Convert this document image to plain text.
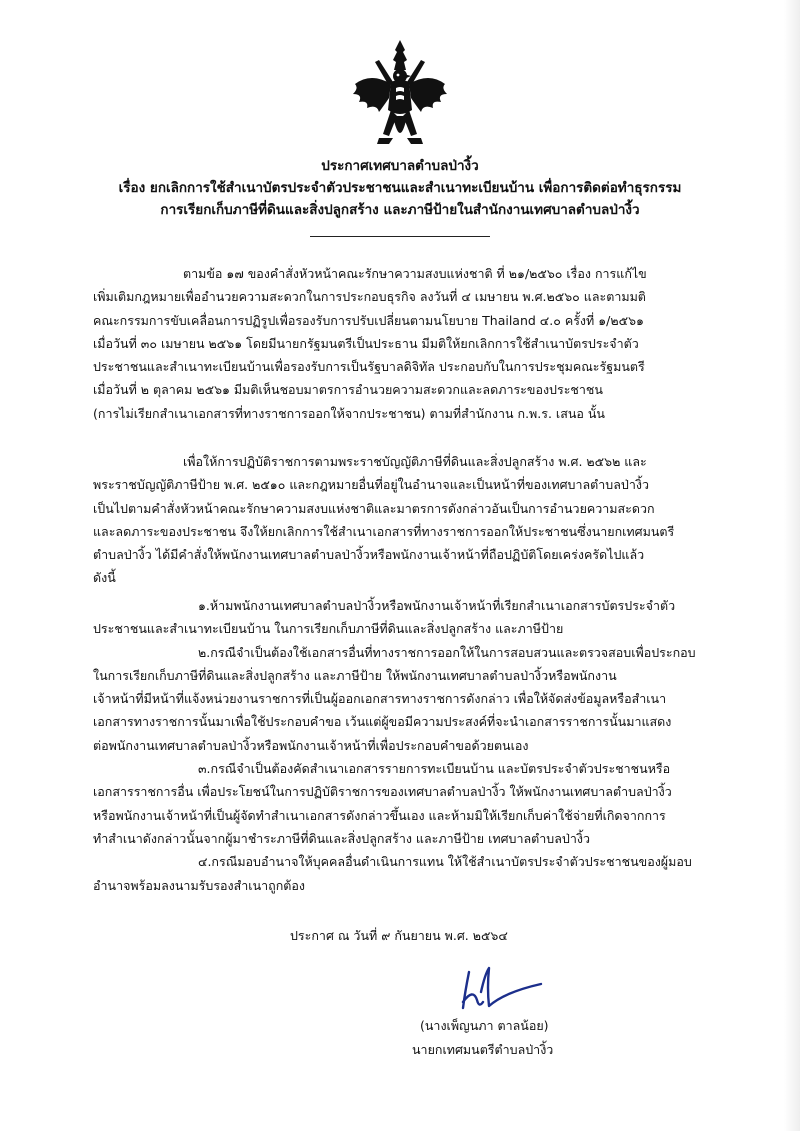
ประกาศเทศบาลตำบลป่างิ้ว
เรื่อง ยกเลิกการใช้สำเนาบัตรประจำตัวประชาชนและสำเนาทะเบียนบ้าน เพื่อการติดต่อทำธุรกรรม
การเรียกเก็บภาษีที่ดินและสิ่งปลูกสร้าง และภาษีป้ายในสำนักงานเทศบาลตำบลป่างิ้ว
ตามข้อ ๑๗ ของคำสั่งหัวหน้าคณะรักษาความสงบแห่งชาติ ที่ ๒๑/๒๕๖๐ เรื่อง การแก้ไข
เพิ่มเติมกฎหมายเพื่ออำนวยความสะดวกในการประกอบธุรกิจ ลงวันที่ ๔ เมษายน พ.ศ.๒๕๖๐ และตามมติ
คณะกรรมการขับเคลื่อนการปฏิรูปเพื่อรองรับการปรับเปลี่ยนตามนโยบาย Thailand ๔.๐ ครั้งที่ ๑/๒๕๖๑
เมื่อวันที่ ๓๐ เมษายน ๒๕๖๑ โดยมีนายกรัฐมนตรีเป็นประธาน มีมติให้ยกเลิกการใช้สำเนาบัตรประจำตัว
ประชาชนและสำเนาทะเบียนบ้านเพื่อรองรับการเป็นรัฐบาลดิจิทัล ประกอบกับในการประชุมคณะรัฐมนตรี
เมื่อวันที่ ๒ ตุลาคม ๒๕๖๑ มีมติเห็นชอบมาตรการอำนวยความสะดวกและลดภาระของประชาชน
(การไม่เรียกสำเนาเอกสารที่ทางราชการออกให้จากประชาชน) ตามที่สำนักงาน ก.พ.ร. เสนอ นั้น
เพื่อให้การปฏิบัติราชการตามพระราชบัญญัติภาษีที่ดินและสิ่งปลูกสร้าง พ.ศ. ๒๕๖๒ และ
พระราชบัญญัติภาษีป้าย พ.ศ. ๒๕๑๐ และกฎหมายอื่นที่อยู่ในอำนาจและเป็นหน้าที่ของเทศบาลตำบลป่างิ้ว
เป็นไปตามคำสั่งหัวหน้าคณะรักษาความสงบแห่งชาติและมาตรการดังกล่าวอันเป็นการอำนวยความสะดวก
และลดภาระของประชาชน จึงให้ยกเลิกการใช้สำเนาเอกสารที่ทางราชการออกให้ประชาชนซึ่งนายกเทศมนตรี
ตำบลป่างิ้ว ได้มีคำสั่งให้พนักงานเทศบาลตำบลป่างิ้วหรือพนักงานเจ้าหน้าที่ถือปฏิบัติโดยเคร่งครัดไปแล้ว
ดังนี้
๑.ห้ามพนักงานเทศบาลตำบลป่างิ้วหรือพนักงานเจ้าหน้าที่เรียกสำเนาเอกสารบัตรประจำตัว
ประชาชนและสำเนาทะเบียนบ้าน ในการเรียกเก็บภาษีที่ดินและสิ่งปลูกสร้าง และภาษีป้าย
๒.กรณีจำเป็นต้องใช้เอกสารอื่นที่ทางราชการออกให้ในการสอบสวนและตรวจสอบเพื่อประกอบ
ในการเรียกเก็บภาษีที่ดินและสิ่งปลูกสร้าง และภาษีป้าย ให้พนักงานเทศบาลตำบลป่างิ้วหรือพนักงาน
เจ้าหน้าที่มีหน้าที่แจ้งหน่วยงานราชการที่เป็นผู้ออกเอกสารทางราชการดังกล่าว เพื่อให้จัดส่งข้อมูลหรือสำเนา
เอกสารทางราชการนั้นมาเพื่อใช้ประกอบคำขอ เว้นแต่ผู้ขอมีความประสงค์ที่จะนำเอกสารราชการนั้นมาแสดง
ต่อพนักงานเทศบาลตำบลป่างิ้วหรือพนักงานเจ้าหน้าที่เพื่อประกอบคำขอด้วยตนเอง
๓.กรณีจำเป็นต้องคัดสำเนาเอกสารรายการทะเบียนบ้าน และบัตรประจำตัวประชาชนหรือ
เอกสารราชการอื่น เพื่อประโยชน์ในการปฏิบัติราชการของเทศบาลตำบลป่างิ้ว ให้พนักงานเทศบาลตำบลป่างิ้ว
หรือพนักงานเจ้าหน้าที่เป็นผู้จัดทำสำเนาเอกสารดังกล่าวขึ้นเอง และห้ามมิให้เรียกเก็บค่าใช้จ่ายที่เกิดจากการ
ทำสำเนาดังกล่าวนั้นจากผู้มาชำระภาษีที่ดินและสิ่งปลูกสร้าง และภาษีป้าย เทศบาลตำบลป่างิ้ว
๔.กรณีมอบอำนาจให้บุคคลอื่นดำเนินการแทน ให้ใช้สำเนาบัตรประจำตัวประชาชนของผู้มอบ
อำนาจพร้อมลงนามรับรองสำเนาถูกต้อง
ประกาศ ณ วันที่ ๙ กันยายน พ.ศ. ๒๕๖๔
(นางเพ็ญนภา ตาลน้อย)
นายกเทศมนตรีตำบลป่างิ้ว
